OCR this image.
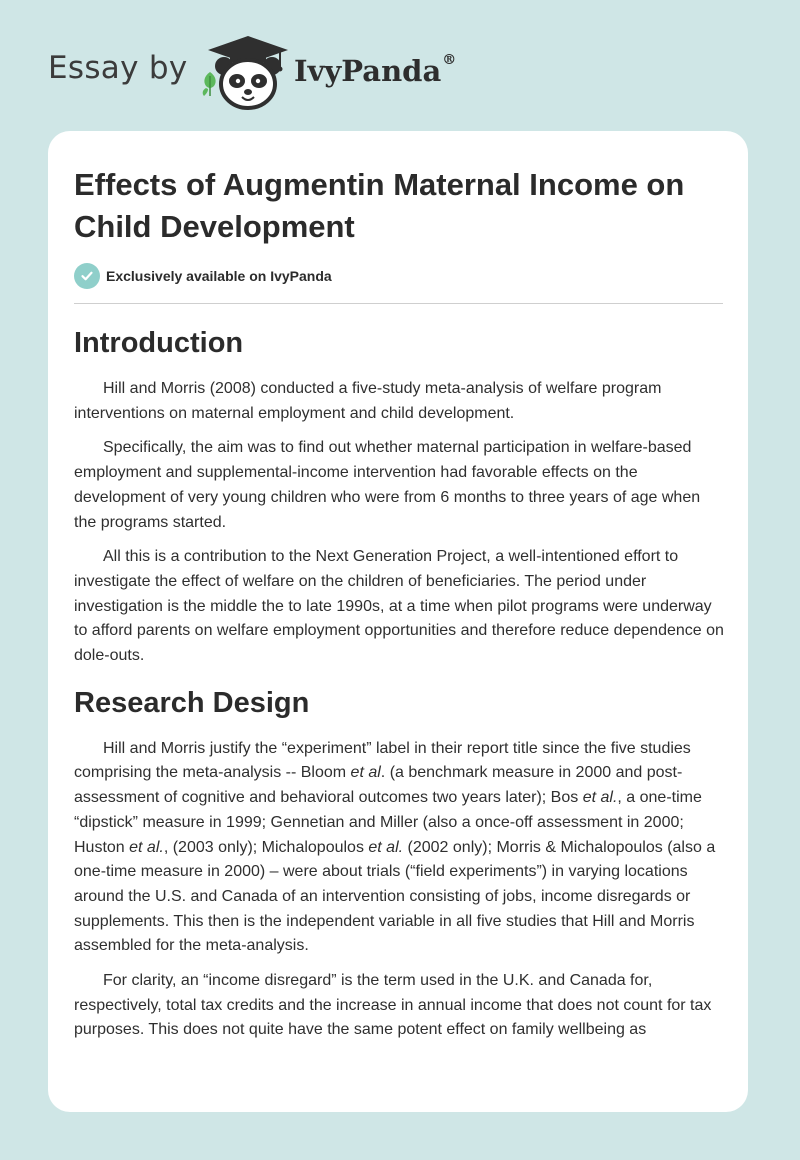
Essay by	IvyPanda®
Effects of Augmentin Maternal Income on Child Development
Exclusively available on IvyPanda
Introduction

Hill and Morris (2008) conducted a five-study meta-analysis of welfare program interventions on maternal employment and child development.

Specifically, the aim was to find out whether maternal participation in welfare-based employment and supplemental-income intervention had favorable effects on the development of very young children who were from 6 months to three years of age when the programs started.

All this is a contribution to the Next Generation Project, a well-intentioned effort to investigate the effect of welfare on the children of beneficiaries. The period under investigation is the middle the to late 1990s, at a time when pilot programs were underway to afford parents on welfare employment opportunities and therefore reduce dependence on dole-outs.

Research Design

Hill and Morris justify the “experiment” label in their report title since the five studies comprising the meta-analysis -- Bloom et al. (a benchmark measure in 2000 and post-assessment of cognitive and behavioral outcomes two years later); Bos et al., a one-time “dipstick” measure in 1999; Gennetian and Miller (also a once-off assessment in 2000; Huston et al., (2003 only); Michalopoulos et al. (2002 only); Morris & Michalopoulos (also a one-time measure in 2000) – were about trials (“field experiments”) in varying locations around the U.S. and Canada of an intervention consisting of jobs, income disregards or supplements. This then is the independent variable in all five studies that Hill and Morris assembled for the meta-analysis.

For clarity, an “income disregard” is the term used in the U.K. and Canada for, respectively, total tax credits and the increase in annual income that does not count for tax purposes. This does not quite have the same potent effect on family wellbeing as
